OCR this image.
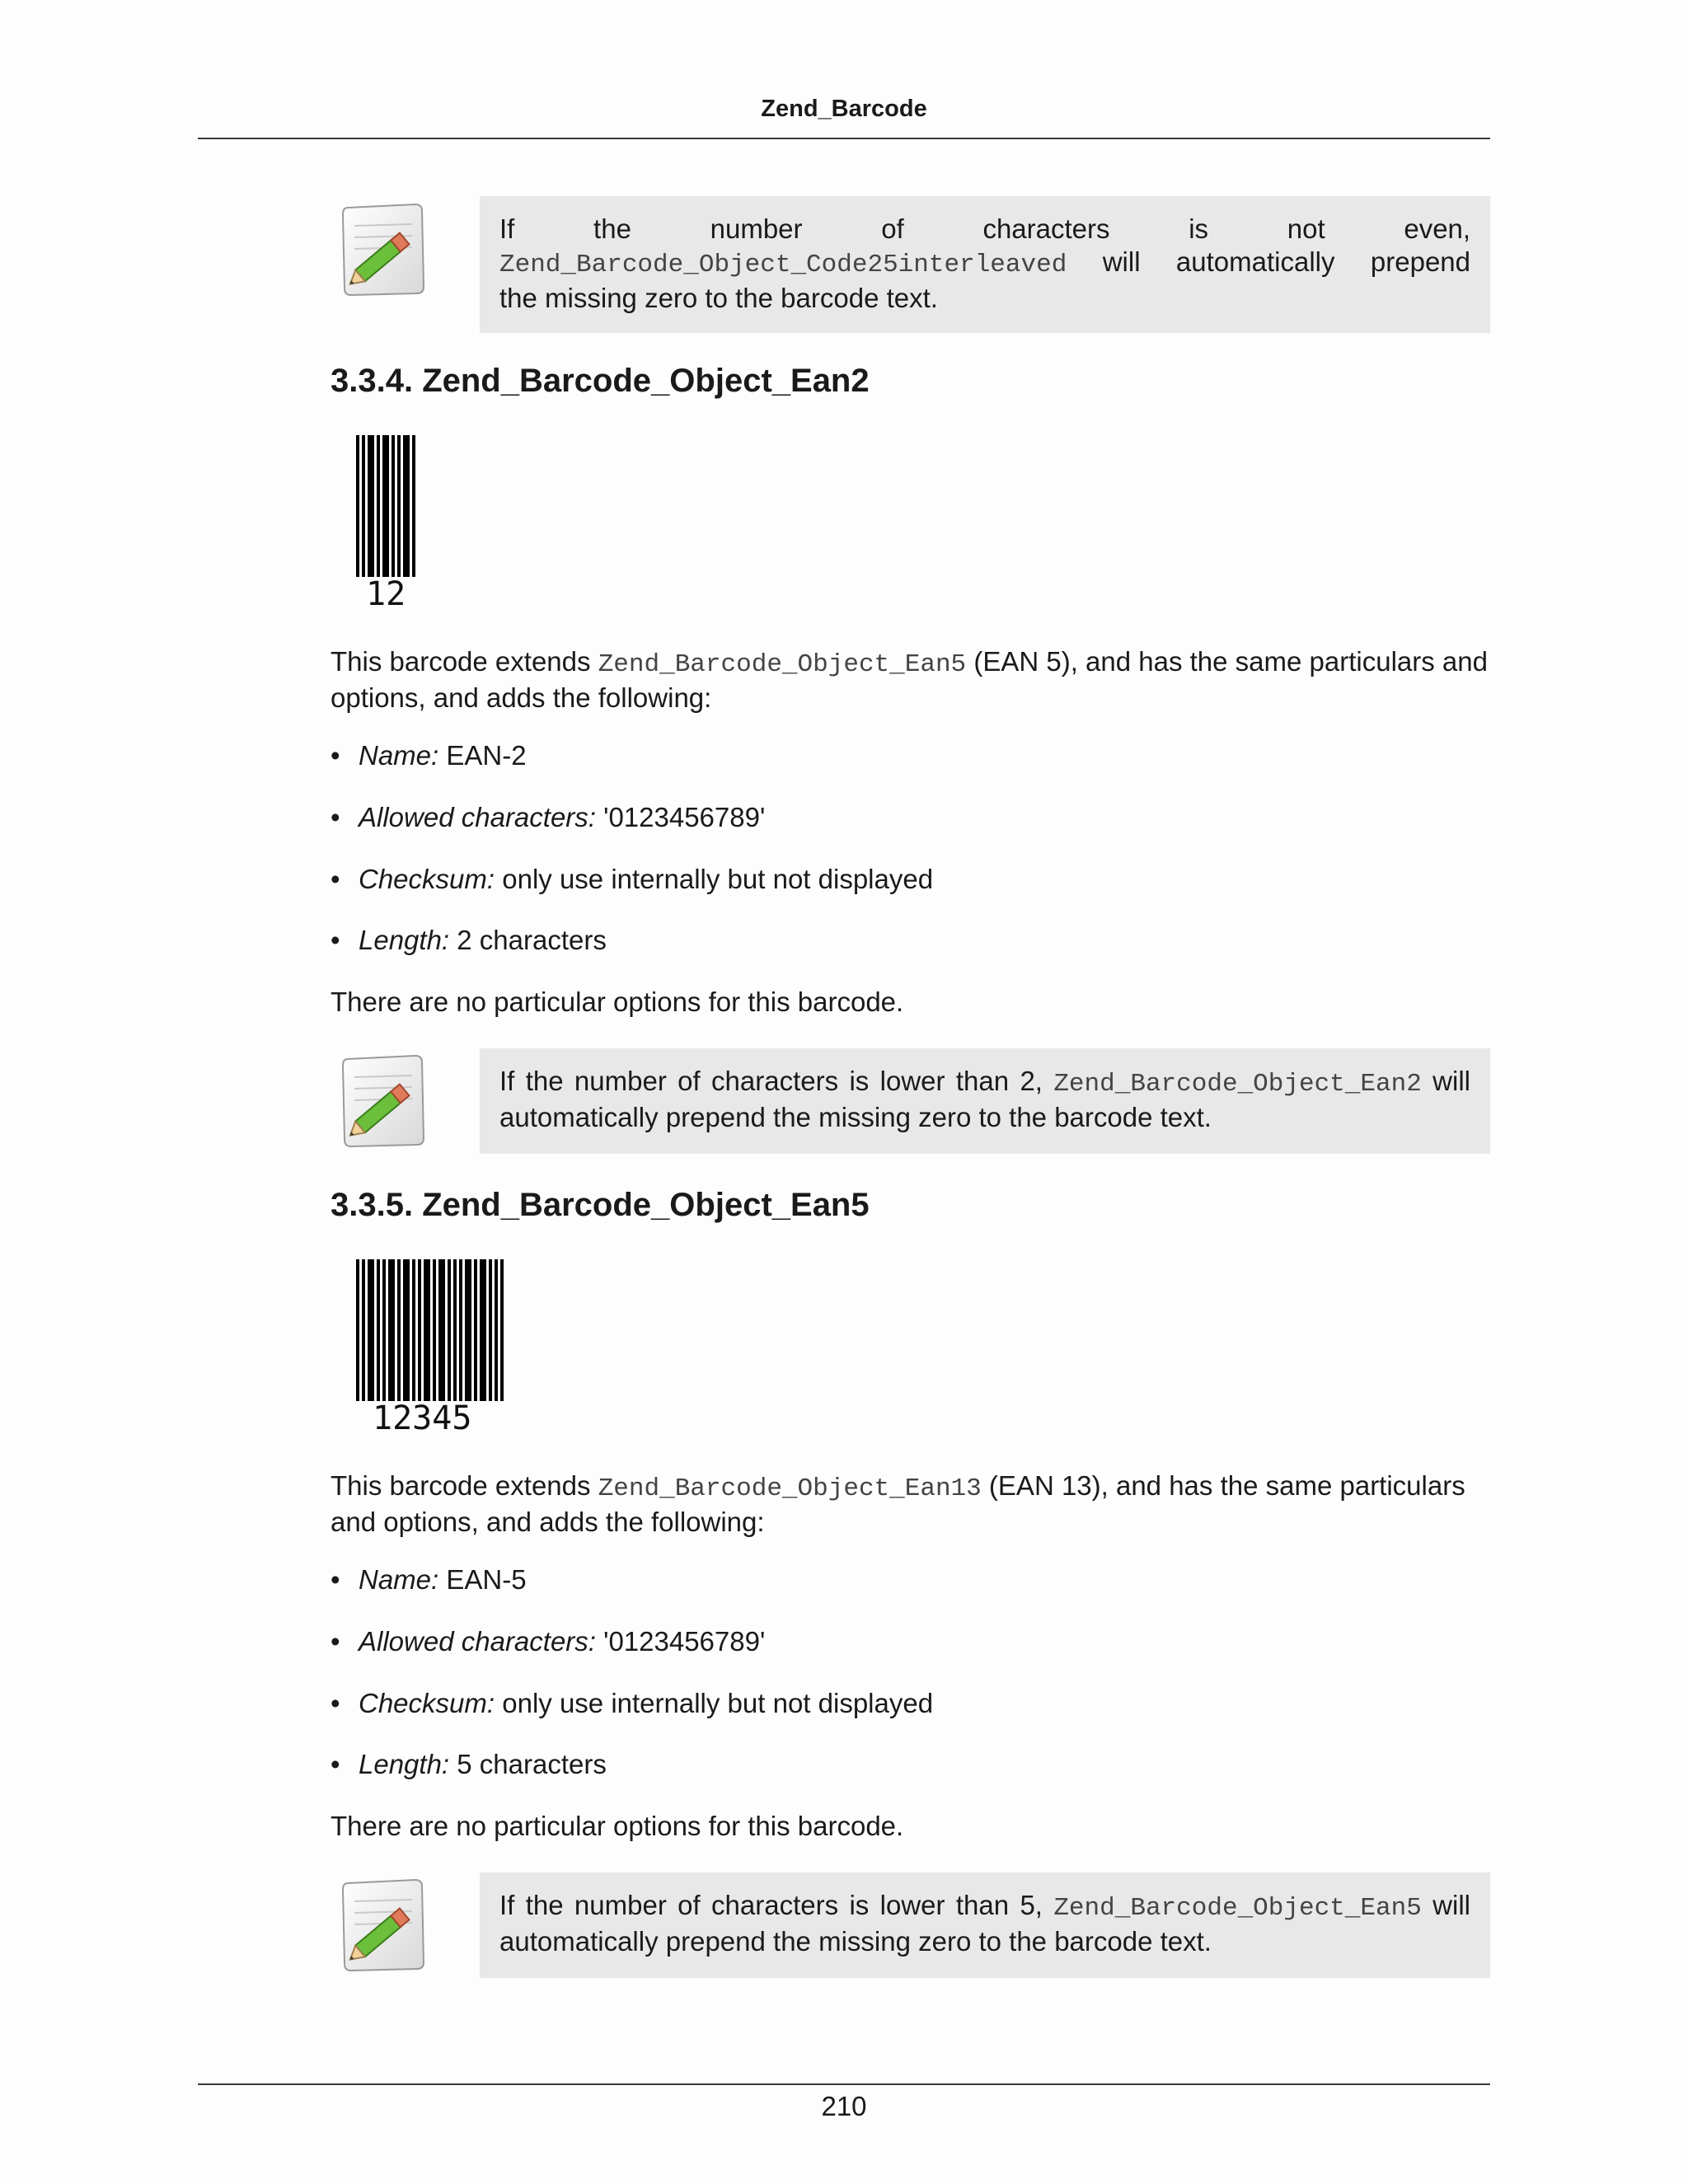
Zend_Barcode
If	the	number	of	characters	is	not	even,
Zend_Barcode_Object_Code25interleaved will automatically prepend
the missing zero to the barcode text.
3.3.4. Zend_Barcode_Object_Ean2
12

This barcode extends Zend_Barcode_Object_Ean5 (EAN 5), and has the same particulars and options, and adds the following:

• Name: EAN-2
• Allowed characters: '0123456789'
• Checksum: only use internally but not displayed
• Length: 2 characters

There are no particular options for this barcode.

If the number of characters is lower than 2, Zend_Barcode_Object_Ean2 will automatically prepend the missing zero to the barcode text.
3.3.5. Zend_Barcode_Object_Ean5
12345

This barcode extends Zend_Barcode_Object_Ean13 (EAN 13), and has the same particulars and options, and adds the following:

• Name: EAN-5
• Allowed characters: '0123456789'
• Checksum: only use internally but not displayed
• Length: 5 characters

There are no particular options for this barcode.

If the number of characters is lower than 5, Zend_Barcode_Object_Ean5 will automatically prepend the missing zero to the barcode text.
210
